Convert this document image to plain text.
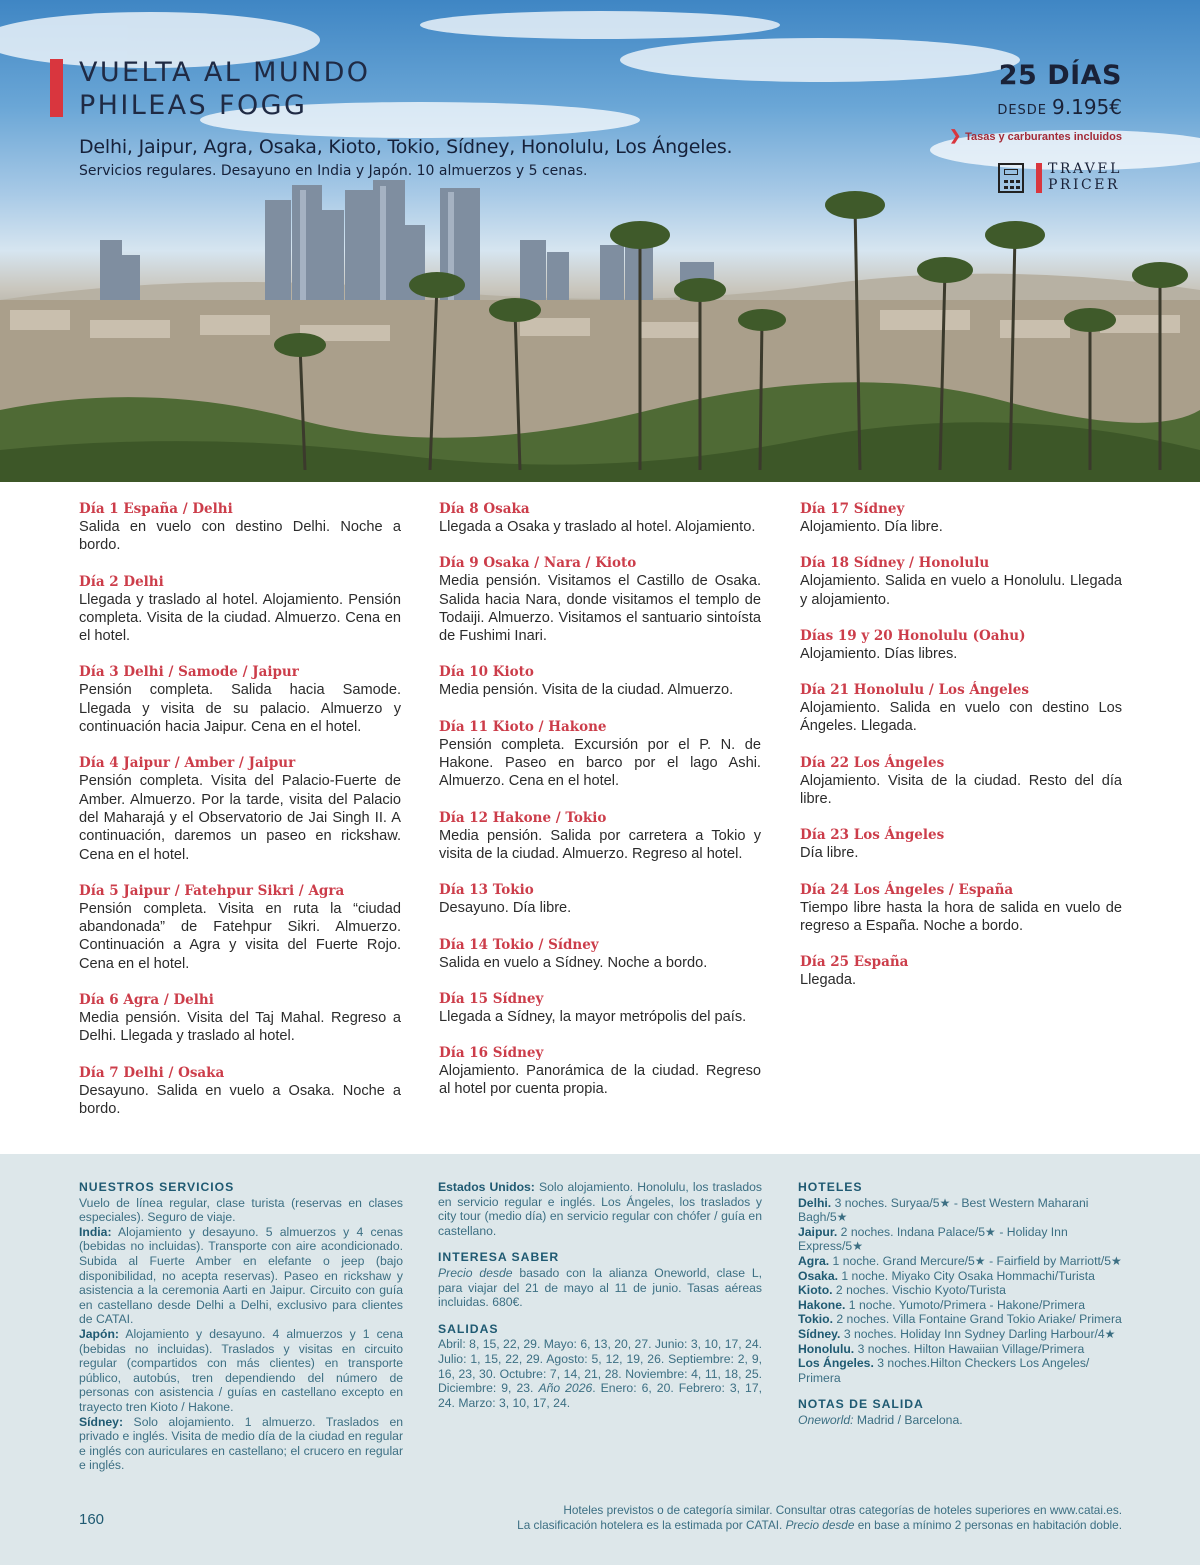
VUELTA AL MUNDO
PHILEAS FOGG
Delhi, Jaipur, Agra, Osaka, Kioto, Tokio, Sídney, Honolulu, Los Ángeles.
Servicios regulares. Desayuno en India y Japón. 10 almuerzos y 5 cenas.
25 DÍAS
DESDE 9.195€
❯ Tasas y carburantes incluidos
TRAVEL
PRICER
Día 1 España / Delhi
Salida en vuelo con destino Delhi. Noche a bordo.
Día 2 Delhi
Llegada y traslado al hotel. Alojamiento. Pensión completa. Visita de la ciudad. Almuerzo. Cena en el hotel.
Día 3 Delhi / Samode / Jaipur
Pensión completa. Salida hacia Samode. Llegada y visita de su palacio. Almuerzo y continuación hacia Jaipur. Cena en el hotel.
Día 4 Jaipur / Amber / Jaipur
Pensión completa. Visita del Palacio-Fuerte de Amber. Almuerzo. Por la tarde, visita del Palacio del Maharajá y el Observatorio de Jai Singh II. A continuación, daremos un paseo en rickshaw. Cena en el hotel.
Día 5 Jaipur / Fatehpur Sikri / Agra
Pensión completa. Visita en ruta la “ciudad abandonada” de Fatehpur Sikri. Almuerzo. Continuación a Agra y visita del Fuerte Rojo. Cena en el hotel.
Día 6 Agra / Delhi
Media pensión. Visita del Taj Mahal. Regreso a Delhi. Llegada y traslado al hotel.
Día 7 Delhi / Osaka
Desayuno. Salida en vuelo a Osaka. Noche a bordo.
Día 8 Osaka
Llegada a Osaka y traslado al hotel. Alojamiento.
Día 9 Osaka / Nara / Kioto
Media pensión. Visitamos el Castillo de Osaka. Salida hacia Nara, donde visitamos el templo de Todaiji. Almuerzo. Visitamos el santuario sintoísta de Fushimi Inari.
Día 10 Kioto
Media pensión. Visita de la ciudad. Almuerzo.
Día 11 Kioto / Hakone
Pensión completa. Excursión por el P. N. de Hakone. Paseo en barco por el lago Ashi. Almuerzo. Cena en el hotel.
Día 12 Hakone / Tokio
Media pensión. Salida por carretera a Tokio y visita de la ciudad. Almuerzo. Regreso al hotel.
Día 13 Tokio
Desayuno. Día libre.
Día 14 Tokio / Sídney
Salida en vuelo a Sídney. Noche a bordo.
Día 15 Sídney
Llegada a Sídney, la mayor metrópolis del país.
Día 16 Sídney
Alojamiento. Panorámica de la ciudad. Regreso al hotel por cuenta propia.
Día 17 Sídney
Alojamiento. Día libre.
Día 18 Sídney / Honolulu
Alojamiento. Salida en vuelo a Honolulu. Llegada y alojamiento.
Días 19 y 20 Honolulu (Oahu)
Alojamiento. Días libres.
Día 21 Honolulu / Los Ángeles
Alojamiento. Salida en vuelo con destino Los Ángeles. Llegada.
Día 22 Los Ángeles
Alojamiento. Visita de la ciudad. Resto del día libre.
Día 23 Los Ángeles
Día libre.
Día 24 Los Ángeles / España
Tiempo libre hasta la hora de salida en vuelo de regreso a España. Noche a bordo.
Día 25 España
Llegada.
NUESTROS SERVICIOS
Vuelo de línea regular, clase turista (reservas en clases especiales). Seguro de viaje.
India: Alojamiento y desayuno. 5 almuerzos y 4 cenas (bebidas no incluidas). Transporte con aire acondicionado. Subida al Fuerte Amber en elefante o jeep (bajo disponibilidad, no acepta reservas). Paseo en rickshaw y asistencia a la ceremonia Aarti en Jaipur. Circuito con guía en castellano desde Delhi a Delhi, exclusivo para clientes de CATAI.
Japón: Alojamiento y desayuno. 4 almuerzos y 1 cena (bebidas no incluidas). Traslados y visitas en circuito regular (compartidos con más clientes) en transporte público, autobús, tren dependiendo del número de personas con asistencia / guías en castellano excepto en trayecto tren Kioto / Hakone.
Sídney: Solo alojamiento. 1 almuerzo. Traslados en privado e inglés. Visita de medio día de la ciudad en regular e inglés con auriculares en castellano; el crucero en regular e inglés.
Estados Unidos: Solo alojamiento. Honolulu, los traslados en servicio regular e inglés. Los Ángeles, los traslados y city tour (medio día) en servicio regular con chófer / guía en castellano.
INTERESA SABER
Precio desde basado con la alianza Oneworld, clase L, para viajar del 21 de mayo al 11 de junio. Tasas aéreas incluidas. 680€.
SALIDAS
Abril: 8, 15, 22, 29. Mayo: 6, 13, 20, 27. Junio: 3, 10, 17, 24. Julio: 1, 15, 22, 29. Agosto: 5, 12, 19, 26. Septiembre: 2, 9, 16, 23, 30. Octubre: 7, 14, 21, 28. Noviembre: 4, 11, 18, 25. Diciembre: 9, 23. Año 2026. Enero: 6, 20. Febrero: 3, 17, 24. Marzo: 3, 10, 17, 24.
HOTELES
Delhi. 3 noches. Suryaa/5★ - Best Western Maharani Bagh/5★
Jaipur. 2 noches. Indana Palace/5★ - Holiday Inn Express/5★
Agra. 1 noche. Grand Mercure/5★ - Fairfield by Marriott/5★
Osaka. 1 noche. Miyako City Osaka Hommachi/Turista
Kioto. 2 noches. Vischio Kyoto/Turista
Hakone. 1 noche. Yumoto/Primera - Hakone/Primera
Tokio. 2 noches. Villa Fontaine Grand Tokio Ariake/ Primera
Sídney. 3 noches. Holiday Inn Sydney Darling Harbour/4★
Honolulu. 3 noches. Hilton Hawaiian Village/Primera
Los Ángeles. 3 noches.Hilton Checkers Los Angeles/ Primera
NOTAS DE SALIDA
Oneworld: Madrid / Barcelona.
160
Hoteles previstos o de categoría similar. Consultar otras categorías de hoteles superiores en www.catai.es.
La clasificación hotelera es la estimada por CATAI. Precio desde en base a mínimo 2 personas en habitación doble.
